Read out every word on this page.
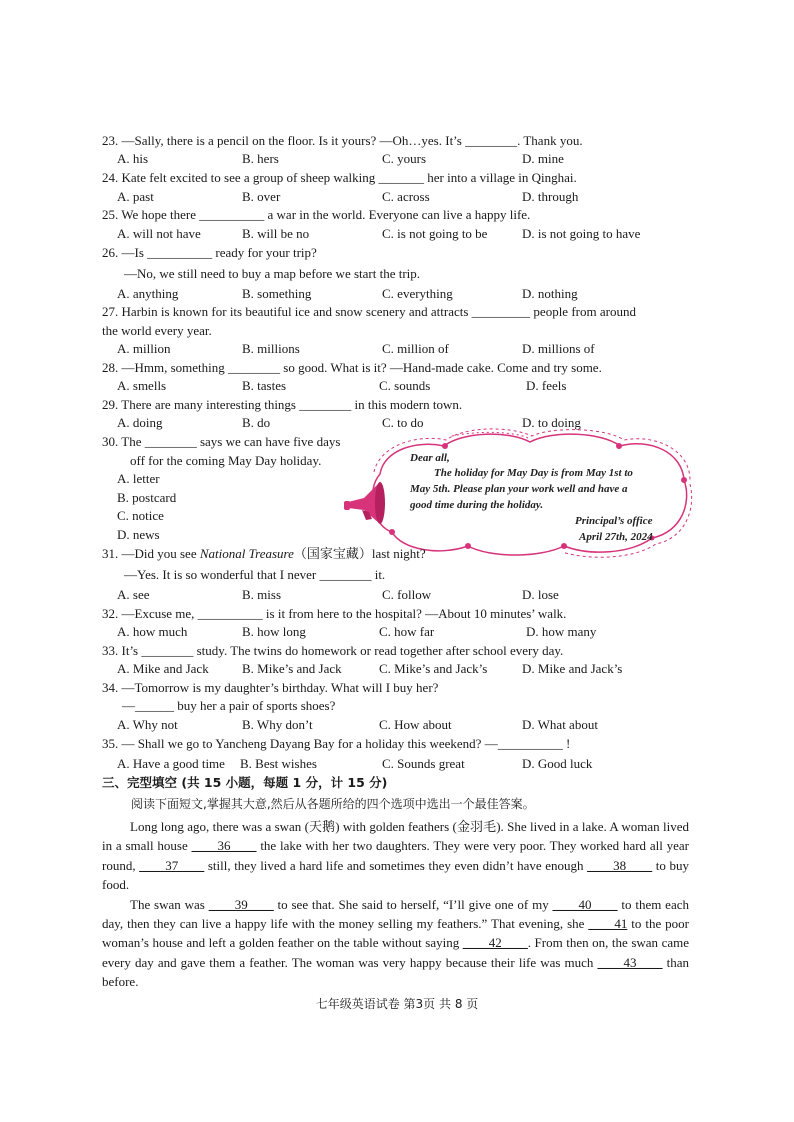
23. —Sally, there is a pencil on the floor. Is it yours? —Oh…yes. It’s ________. Thank you.
A. his	B. hers	C. yours	D. mine
24. Kate felt excited to see a group of sheep walking _______ her into a village in Qinghai.
A. past	B. over	C. across	D. through
25. We hope there __________ a war in the world. Everyone can live a happy life.
A. will not have	B. will be no	C. is not going to be	D. is not going to have
26. —Is __________ ready for your trip?
—No, we still need to buy a map before we start the trip.
A. anything	B. something	C. everything	D. nothing
27. Harbin is known for its beautiful ice and snow scenery and attracts _________ people from around
the world every year.
A. million	B. millions	C. million of	D. millions of
28. —Hmm, something ________ so good. What is it? —Hand-made cake. Come and try some.
A. smells	B. tastes	C. sounds	D. feels
29. There are many interesting things ________ in this modern town.
A. doing	B. do	C. to do	D. to doing
30. The ________ says we can have five days
off for the coming May Day holiday.
A. letter
B. postcard
C. notice
D. news
Dear all,
The holiday for May Day is from May 1st to
May 5th. Please plan your work well and have a
good time during the holiday.
Principal’s office
April 27th, 2024
31. —Did you see National Treasure（国家宝藏）last night?
—Yes. It is so wonderful that I never ________ it.
A. see	B. miss	C. follow	D. lose
32. —Excuse me, __________ is it from here to the hospital? —About 10 minutes’ walk.
A. how much	B. how long	C. how far	D. how many
33. It’s ________ study. The twins do homework or read together after school every day.
A. Mike and Jack	B. Mike’s and Jack	C. Mike’s and Jack’s	D. Mike and Jack’s
34. —Tomorrow is my daughter’s birthday. What will I buy her?
—______ buy her a pair of sports shoes?
A. Why not	B. Why don’t	C. How about	D. What about
35. — Shall we go to Yancheng Dayang Bay for a holiday this weekend? —__________ !
A. Have a good time B. Best wishes	C. Sounds great	D. Good luck
三、完型填空 (共 15 小题，每题 1 分，计 15 分)
阅读下面短文,掌握其大意,然后从各题所给的四个选项中选出一个最佳答案。

Long long ago, there was a swan (天鹅) with golden feathers (金羽毛). She lived in a lake. A woman lived in a small house ____36____ the lake with her two daughters. They were very poor. They worked hard all year round, ____37____ still, they lived a hard life and sometimes they even didn’t have enough ____38____ to buy food.

The swan was ____39____ to see that. She said to herself, “I’ll give one of my ____40____ to them each day, then they can live a happy life with the money selling my feathers.” That evening, she ____41 to the poor woman’s house and left a golden feather on the table without saying ____42____. From then on, the swan came every day and gave them a feather. The woman was very happy because their life was much ____43____ than before.

七年级英语试卷 第3页 共 8 页
